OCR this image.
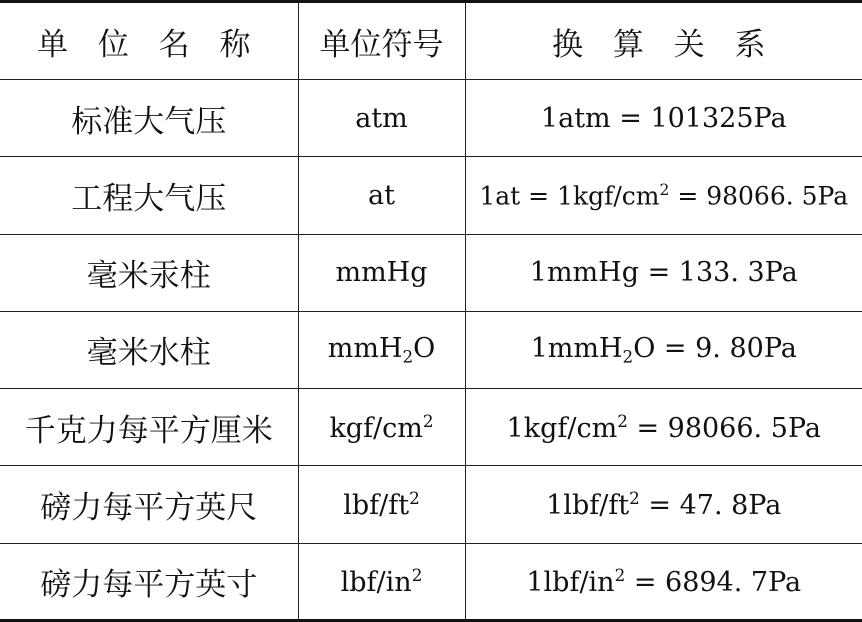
单 位 名 称	单位符号	换 算 关 系
标准大气压	atm	1atm = 101325Pa
工程大气压	at	$1at = 1kgf/cm^2 = 98066$. 5Pa
毫米汞柱	mmHg	1mmHg = 133. 3Pa
毫米水柱	mmH$_2$O	1mmH$_2$O = 9. 80Pa
千克力每平方厘米	kgf/$cm^2$	$1kgf/cm^2 = 98066$. 5Pa
磅力每平方英尺	lbf/$ft^2$	$1lbf/ft^2 = 47$. 8Pa
磅力每平方英寸	lbf/$in^2$	$1lbf/in^2 = 6894$. 7Pa
